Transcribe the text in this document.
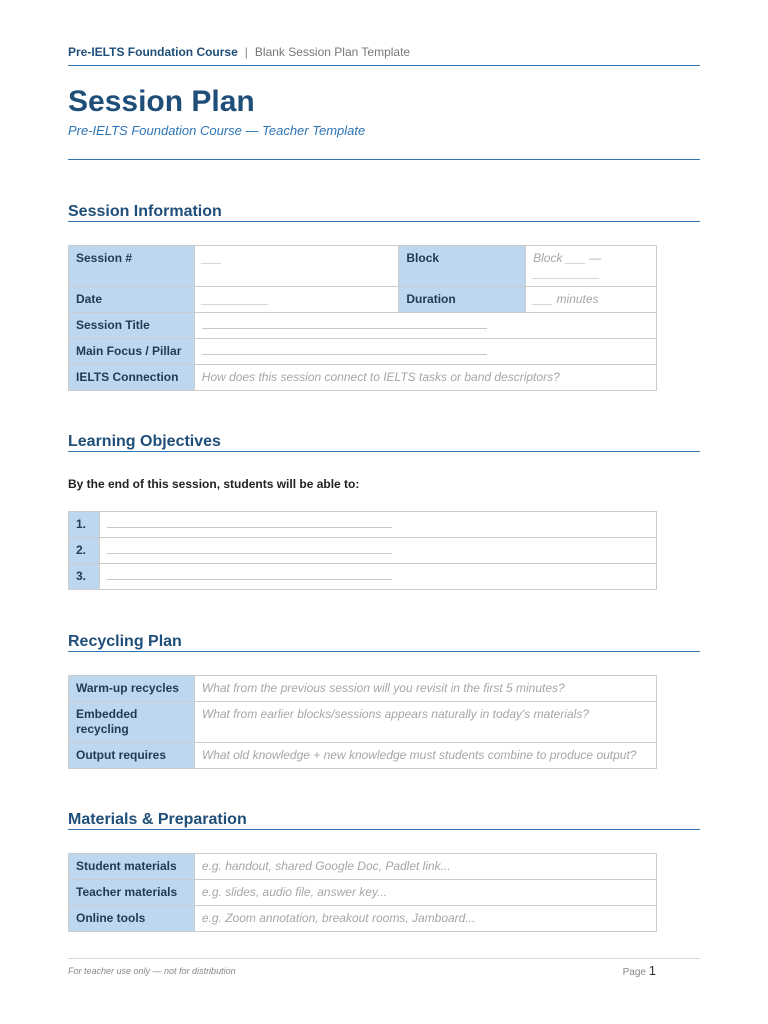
Pre-IELTS Foundation Course | Blank Session Plan Template
Session Plan
Pre-IELTS Foundation Course — Teacher Template
Session Information
Session #	___	Block	Block ___ — __________
Date	__________	Duration	___ minutes
Session Title			
Main Focus / Pillar			
IELTS Connection	How does this session connect to IELTS tasks or band descriptors?		
Learning Objectives
By the end of this session, students will be able to:
1.	
2.	
3.	
Recycling Plan
Warm-up recycles	What from the previous session will you revisit in the first 5 minutes?
Embedded recycling	What from earlier blocks/sessions appears naturally in today's materials?
Output requires	What old knowledge + new knowledge must students combine to produce output?
Materials & Preparation
Student materials	e.g. handout, shared Google Doc, Padlet link...
Teacher materials	e.g. slides, audio file, answer key...
Online tools	e.g. Zoom annotation, breakout rooms, Jamboard...
For teacher use only — not for distribution	Page 1
